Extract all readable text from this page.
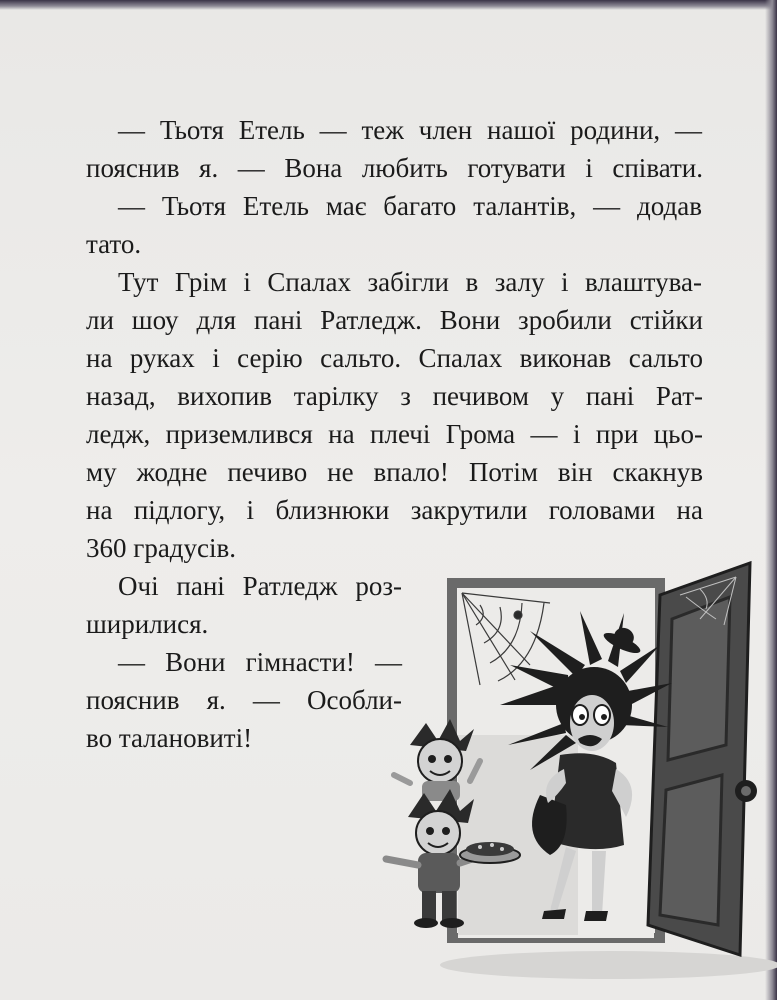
— Тьотя Етель — теж член нашої родини, —
пояснив я. — Вона любить готувати і співати.
— Тьотя Етель має багато талантів, — додав
тато.
Тут Грім і Спалах забігли в залу і влаштува-
ли шоу для пані Ратледж. Вони зробили стійки
на руках і серію сальто. Спалах виконав сальто
назад, вихопив тарілку з печивом у пані Рат-
ледж, приземлився на плечі Грома — і при цьо-
му жодне печиво не впало! Потім він скакнув
на підлогу, і близнюки закрутили головами на
360 градусів.
Очі пані Ратледж роз-
ширилися.
— Вони гімнасти! —
пояснив я. — Особли-
во талановиті!
